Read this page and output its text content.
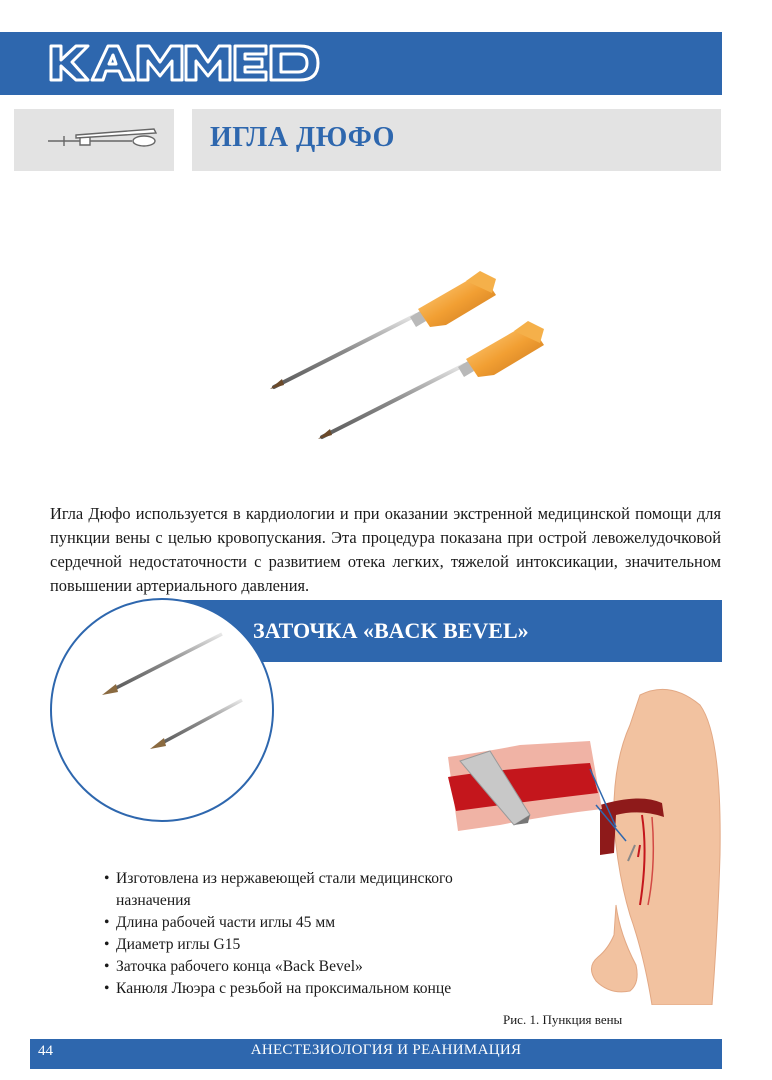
ИГЛА ДЮФО

Игла Дюфо используется в кардиологии и при оказании экстренной медицинской помощи для пункции вены с целью кровопускания. Эта процедура показана при острой левожелудочковой сердечной недостаточности с развитием отека легких, тяжелой интоксикации, значительном повышении артериального давления.

ЗАТОЧКА «BACK BEVEL»
• Изготовлена из нержавеющей стали медицинского назначения
• Длина рабочей части иглы 45 мм
• Диаметр иглы G15
• Заточка рабочего конца «Back Bevel»
• Канюля Люэра с резьбой на проксимальном конце
Рис. 1. Пункция вены
44	АНЕСТЕЗИОЛОГИЯ И РЕАНИМАЦИЯ
